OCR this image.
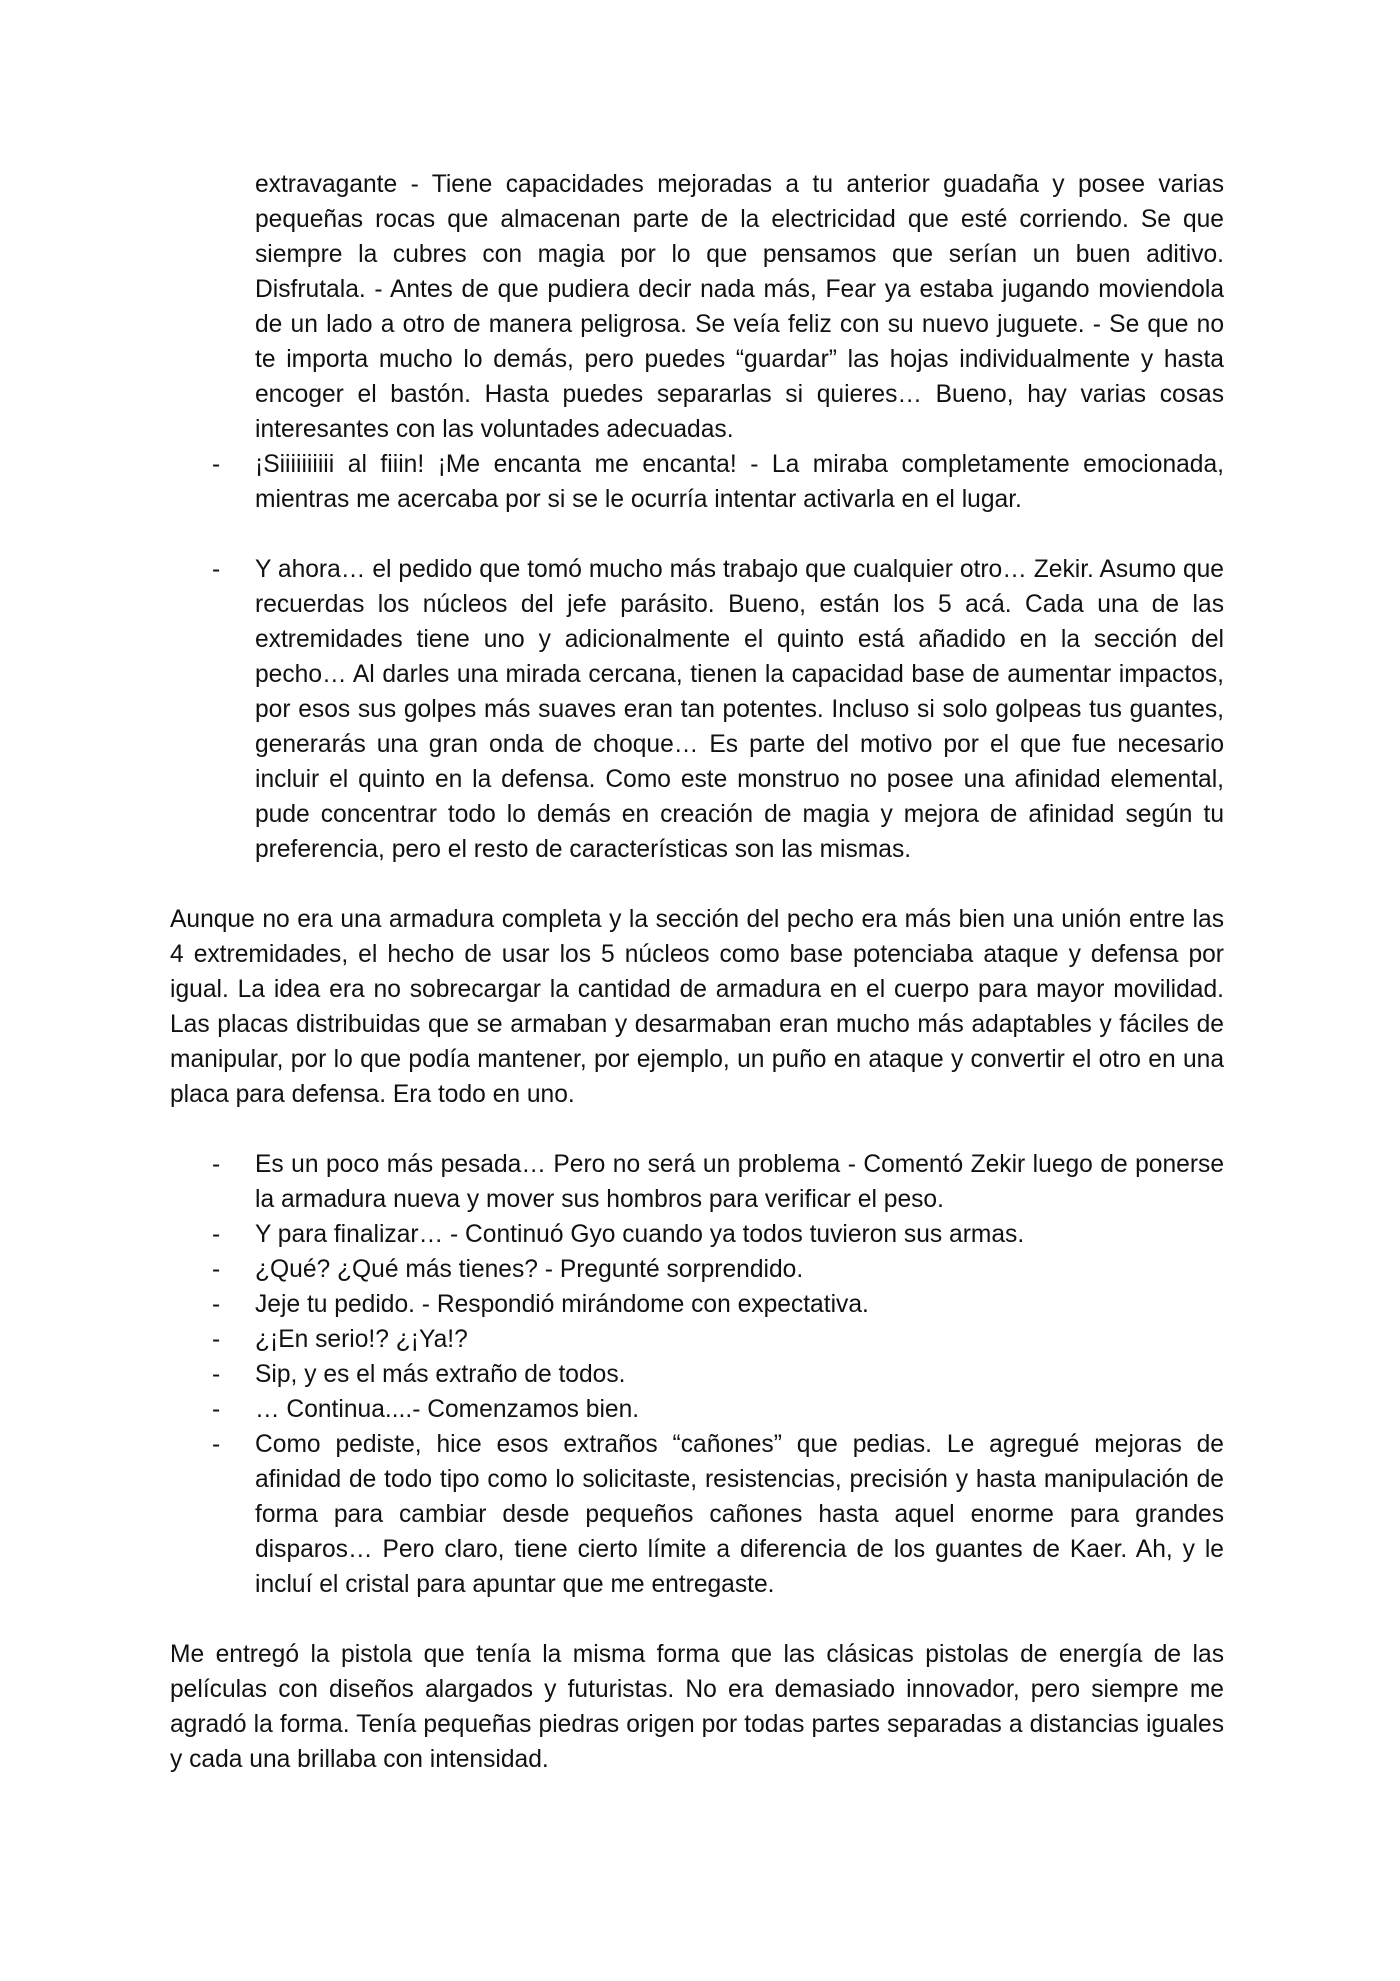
extravagante - Tiene capacidades mejoradas a tu anterior guadaña y posee varias pequeñas rocas que almacenan parte de la electricidad que esté corriendo. Se que siempre la cubres con magia por lo que pensamos que serían un buen aditivo. Disfrutala. - Antes de que pudiera decir nada más, Fear ya estaba jugando moviendola de un lado a otro de manera peligrosa. Se veía feliz con su nuevo juguete. - Se que no te importa mucho lo demás, pero puedes “guardar” las hojas individualmente y hasta encoger el bastón. Hasta puedes separarlas si quieres… Bueno, hay varias cosas interesantes con las voluntades adecuadas.

- ¡Siiiiiiiiii al fiiin! ¡Me encanta me encanta! - La miraba completamente emocionada, mientras me acercaba por si se le ocurría intentar activarla en el lugar.
- Y ahora… el pedido que tomó mucho más trabajo que cualquier otro… Zekir. Asumo que recuerdas los núcleos del jefe parásito. Bueno, están los 5 acá. Cada una de las extremidades tiene uno y adicionalmente el quinto está añadido en la sección del pecho… Al darles una mirada cercana, tienen la capacidad base de aumentar impactos, por esos sus golpes más suaves eran tan potentes. Incluso si solo golpeas tus guantes, generarás una gran onda de choque… Es parte del motivo por el que fue necesario incluir el quinto en la defensa. Como este monstruo no posee una afinidad elemental, pude concentrar todo lo demás en creación de magia y mejora de afinidad según tu preferencia, pero el resto de características son las mismas.

Aunque no era una armadura completa y la sección del pecho era más bien una unión entre las 4 extremidades, el hecho de usar los 5 núcleos como base potenciaba ataque y defensa por igual. La idea era no sobrecargar la cantidad de armadura en el cuerpo para mayor movilidad. Las placas distribuidas que se armaban y desarmaban eran mucho más adaptables y fáciles de manipular, por lo que podía mantener, por ejemplo, un puño en ataque y convertir el otro en una placa para defensa. Era todo en uno.

- Es un poco más pesada… Pero no será un problema - Comentó Zekir luego de ponerse la armadura nueva y mover sus hombros para verificar el peso.
- Y para finalizar… - Continuó Gyo cuando ya todos tuvieron sus armas.
- ¿Qué? ¿Qué más tienes? - Pregunté sorprendido.
- Jeje tu pedido. - Respondió mirándome con expectativa.
- ¿¡En serio!? ¿¡Ya!?
- Sip, y es el más extraño de todos.
- … Continua....- Comenzamos bien.
- Como pediste, hice esos extraños “cañones” que pedias. Le agregué mejoras de afinidad de todo tipo como lo solicitaste, resistencias, precisión y hasta manipulación de forma para cambiar desde pequeños cañones hasta aquel enorme para grandes disparos… Pero claro, tiene cierto límite a diferencia de los guantes de Kaer. Ah, y le incluí el cristal para apuntar que me entregaste.

Me entregó la pistola que tenía la misma forma que las clásicas pistolas de energía de las películas con diseños alargados y futuristas. No era demasiado innovador, pero siempre me agradó la forma. Tenía pequeñas piedras origen por todas partes separadas a distancias iguales y cada una brillaba con intensidad.
